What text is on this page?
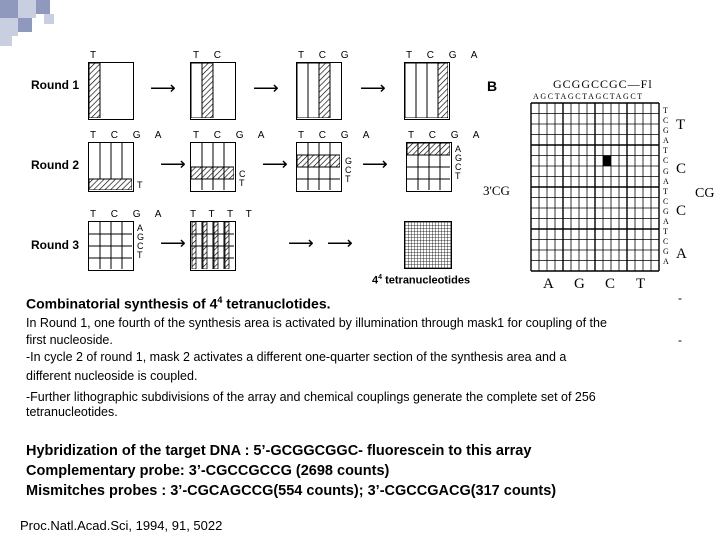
Round 1
Round 2
Round 3
T
⟶
T C
⟶
T C G
⟶
T C G A
T C G A
T
⟶
T C G A
C
T
⟶
T C G A
G
C
T
⟶
T C G A
A
G
C
T
T C G A
A
G
C
T
⟶
T T T T
⟶ ⟶
$4^4$ tetranucleotides
B	GCGGCCGC—Fl
AGCTAGCTAGCTAGCT
T
C
G
A
T
C
G
A
T
C
G
A
T
C
G
A
3'CG	CG
T
C
C
A
A G C T
-
-
Combinatorial synthesis of $4^4$ tetranuclotides.
In Round 1, one fourth of the synthesis area is activated by illumination through mask1 for coupling of the
first nucleoside.
-In cycle 2 of round 1, mask 2 activates a different one-quarter section of the synthesis area and a
different nucleoside is coupled.
-Further lithographic subdivisions of the array and chemical couplings generate the complete set of 256
tetranucleotides.
Hybridization of the target DNA : 5’-GCGGCGGC- fluorescein to this array
Complementary probe: 3’-CGCCGCCG (2698 counts)
Mismitches probes : 3’-CGCAGCCG(554 counts); 3’-CGCCGACG(317 counts)
Proc.Natl.Acad.Sci, 1994, 91, 5022
